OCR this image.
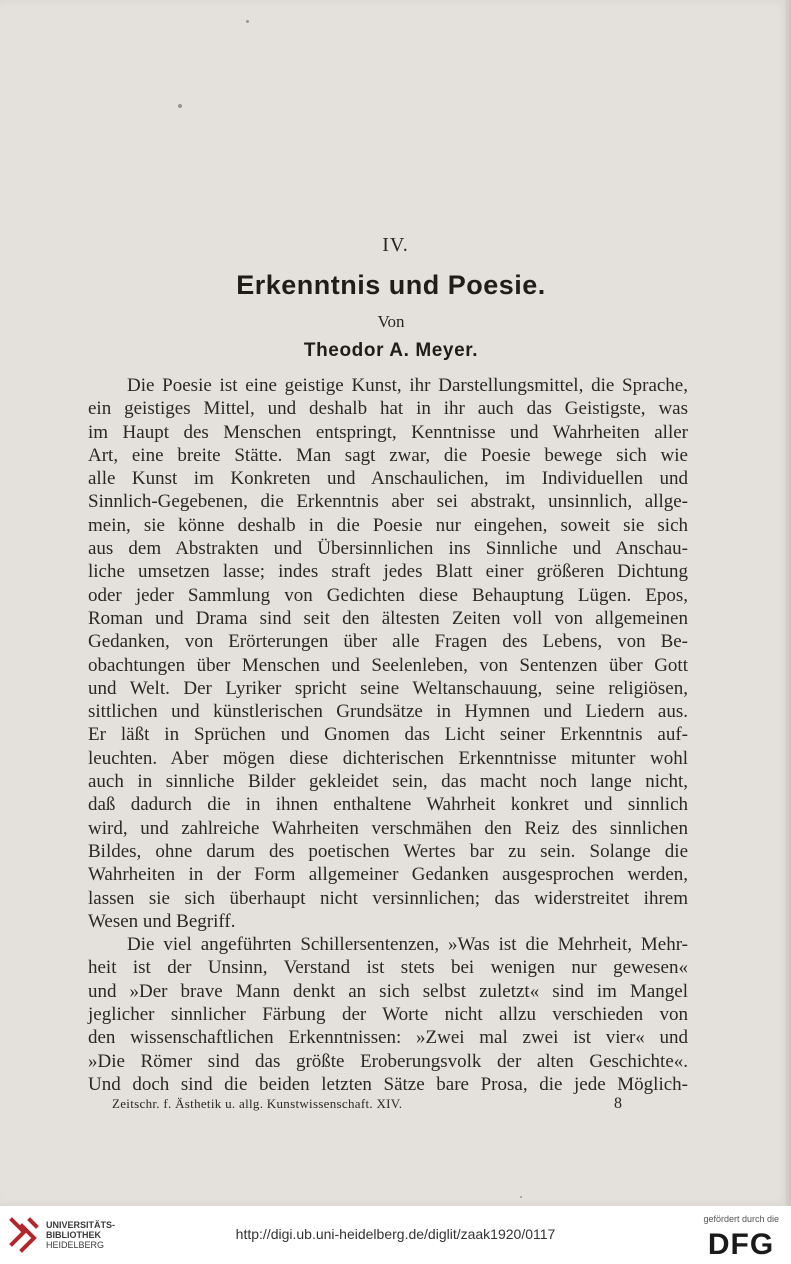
IV.
Erkenntnis und Poesie.
Von
Theodor A. Meyer.
Die Poesie ist eine geistige Kunst, ihr Darstellungsmittel, die Sprache,
ein geistiges Mittel, und deshalb hat in ihr auch das Geistigste, was
im Haupt des Menschen entspringt, Kenntnisse und Wahrheiten aller
Art, eine breite Stätte. Man sagt zwar, die Poesie bewege sich wie
alle Kunst im Konkreten und Anschaulichen, im Individuellen und
Sinnlich-Gegebenen, die Erkenntnis aber sei abstrakt, unsinnlich, allge-
mein, sie könne deshalb in die Poesie nur eingehen, soweit sie sich
aus dem Abstrakten und Übersinnlichen ins Sinnliche und Anschau-
liche umsetzen lasse; indes straft jedes Blatt einer größeren Dichtung
oder jeder Sammlung von Gedichten diese Behauptung Lügen. Epos,
Roman und Drama sind seit den ältesten Zeiten voll von allgemeinen
Gedanken, von Erörterungen über alle Fragen des Lebens, von Be-
obachtungen über Menschen und Seelenleben, von Sentenzen über Gott
und Welt. Der Lyriker spricht seine Weltanschauung, seine religiösen,
sittlichen und künstlerischen Grundsätze in Hymnen und Liedern aus.
Er läßt in Sprüchen und Gnomen das Licht seiner Erkenntnis auf-
leuchten. Aber mögen diese dichterischen Erkenntnisse mitunter wohl
auch in sinnliche Bilder gekleidet sein, das macht noch lange nicht,
daß dadurch die in ihnen enthaltene Wahrheit konkret und sinnlich
wird, und zahlreiche Wahrheiten verschmähen den Reiz des sinnlichen
Bildes, ohne darum des poetischen Wertes bar zu sein. Solange die
Wahrheiten in der Form allgemeiner Gedanken ausgesprochen werden,
lassen sie sich überhaupt nicht versinnlichen; das widerstreitet ihrem
Wesen und Begriff.
Die viel angeführten Schillersentenzen, »Was ist die Mehrheit, Mehr-
heit ist der Unsinn, Verstand ist stets bei wenigen nur gewesen«
und »Der brave Mann denkt an sich selbst zuletzt« sind im Mangel
jeglicher sinnlicher Färbung der Worte nicht allzu verschieden von
den wissenschaftlichen Erkenntnissen: »Zwei mal zwei ist vier« und
»Die Römer sind das größte Eroberungsvolk der alten Geschichte«.
Und doch sind die beiden letzten Sätze bare Prosa, die jede Möglich-
Zeitschr. f. Ästhetik u. allg. Kunstwissenschaft. XIV.	8
UNIVERSITÄTS-
BIBLIOTHEK
HEIDELBERG
http://digi.ub.uni-heidelberg.de/diglit/zaak1920/0117
gefördert durch die
DFG
